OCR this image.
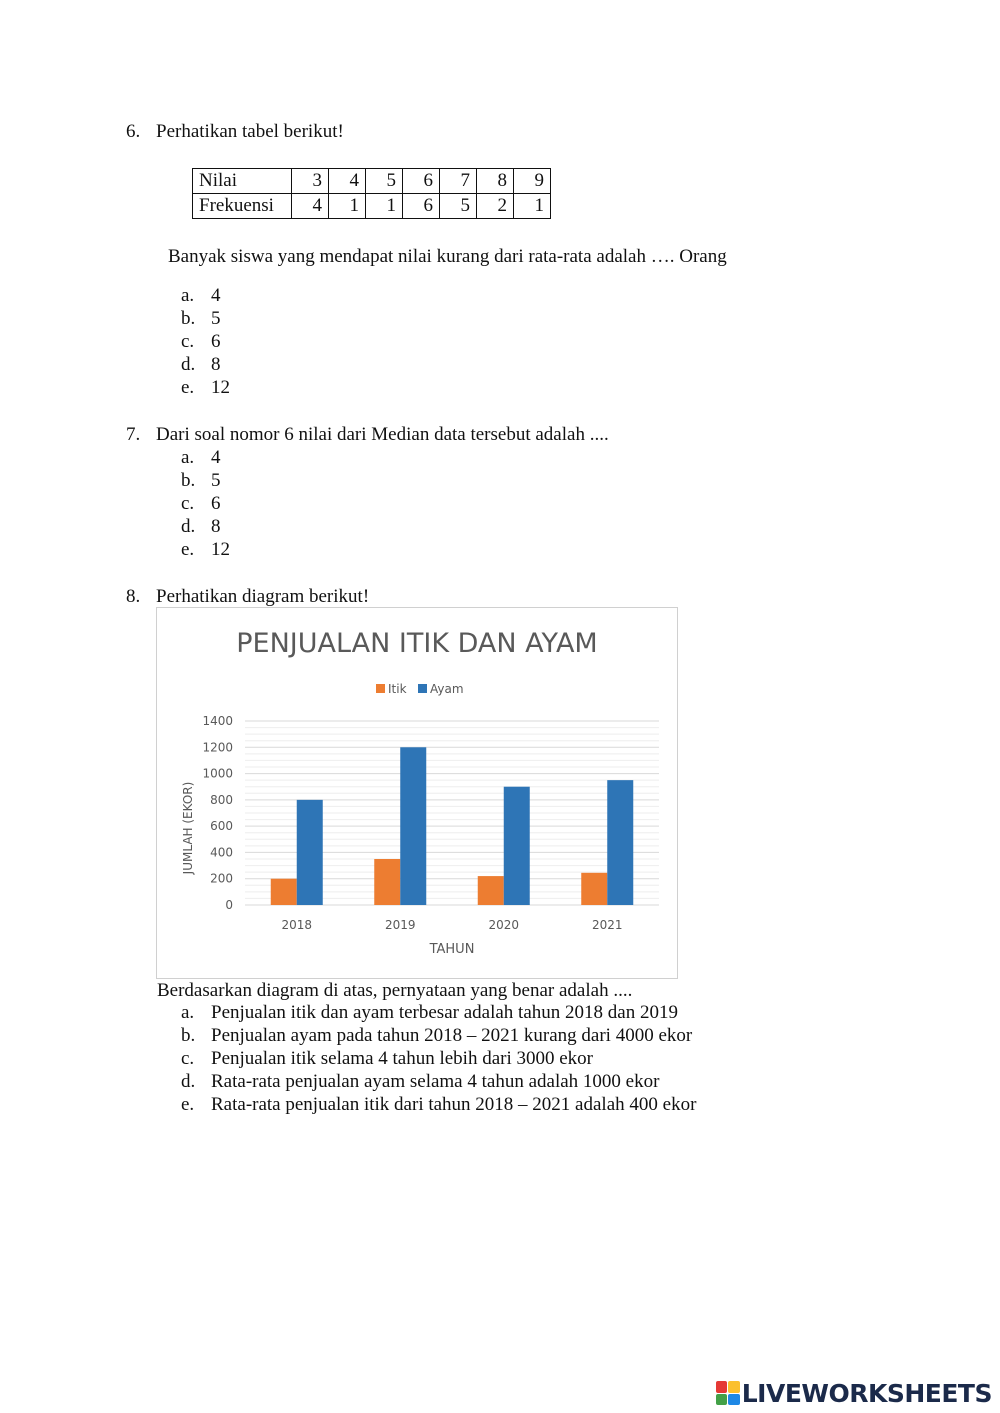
6. Perhatikan tabel berikut!
Nilai	3	4	5	6	7	8	9
Frekuensi	4	1	1	6	5	2	1
Banyak siswa yang mendapat nilai kurang dari rata-rata adalah …. Orang
a. 4
b. 5
c. 6
d. 8
e. 12
7. Dari soal nomor 6 nilai dari Median data tersebut adalah ....
a. 4
b. 5
c. 6
d. 8
e. 12
8. Perhatikan diagram berikut!
PENJUALAN ITIK DAN AYAM
Itik Ayam
0
200
400
600
800
1000
1200
1400
2018	2019	2020	2021
TAHUN
JUMLAH (EKOR)
Berdasarkan diagram di atas, pernyataan yang benar adalah ....
a. Penjualan itik dan ayam terbesar adalah tahun 2018 dan 2019
b. Penjualan ayam pada tahun 2018 – 2021 kurang dari 4000 ekor
c. Penjualan itik selama 4 tahun lebih dari 3000 ekor
d. Rata-rata penjualan ayam selama 4 tahun adalah 1000 ekor
e. Rata-rata penjualan itik dari tahun 2018 – 2021 adalah 400 ekor
LIVEWORKSHEETS
